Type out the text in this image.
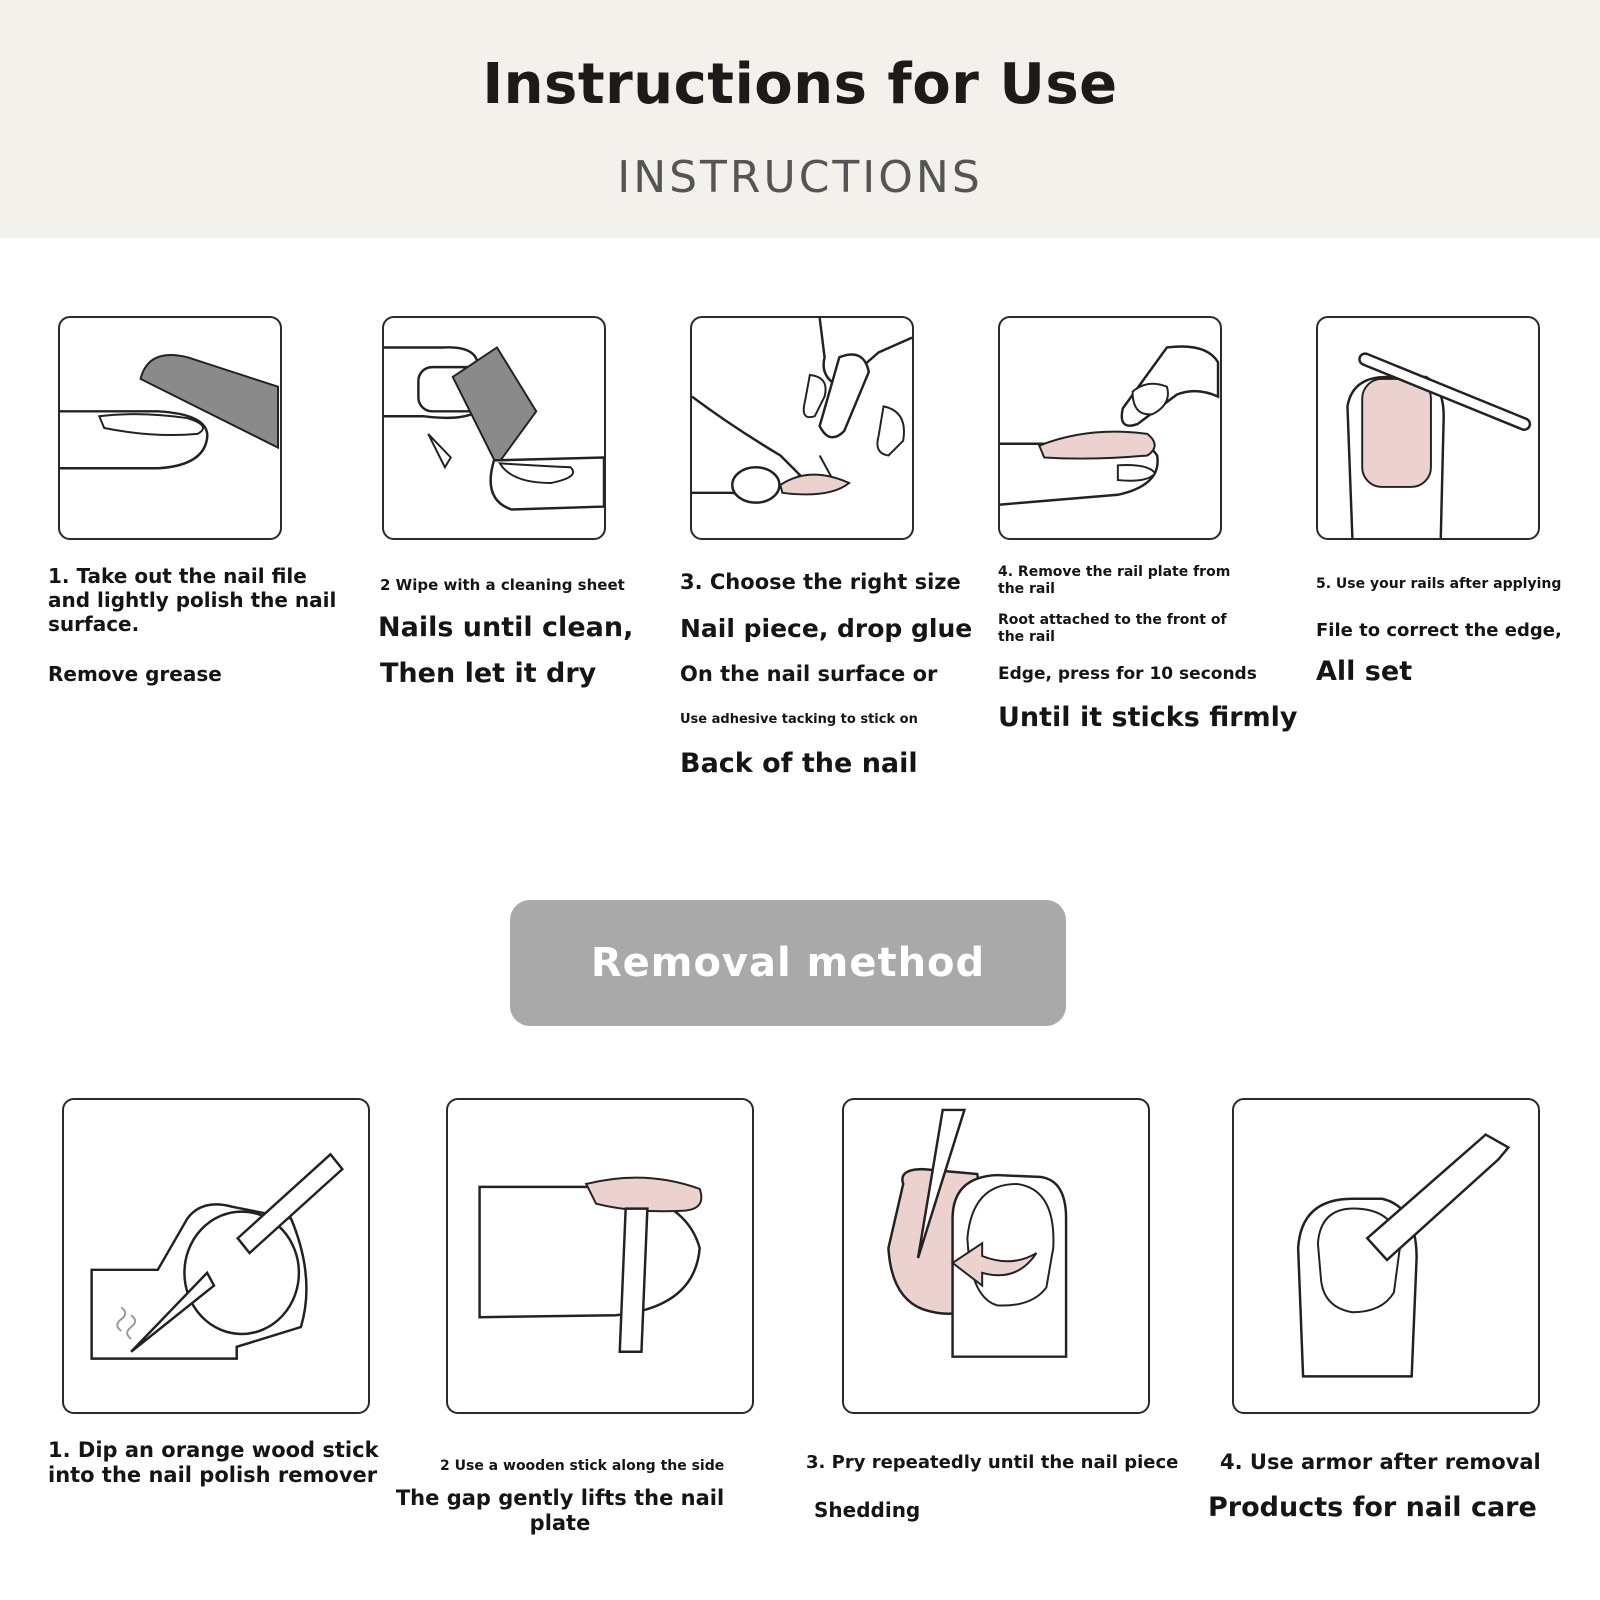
Instructions for Use
INSTRUCTIONS
1. Take out the nail file and lightly polish the nail surface.
Remove grease
2 Wipe with a cleaning sheet
Nails until clean,
Then let it dry
3. Choose the right size
Nail piece, drop glue
On the nail surface or
Use adhesive tacking to stick on
Back of the nail
4. Remove the rail plate from the rail
Root attached to the front of the rail
Edge, press for 10 seconds
Until it sticks firmly
5. Use your rails after applying
File to correct the edge,
All set
Removal method
1. Dip an orange wood stick into the nail polish remover	2 Use a wooden stick along the side
The gap gently lifts the nail plate
3. Pry repeatedly until the nail piece
Shedding
4. Use armor after removal
Products for nail care
